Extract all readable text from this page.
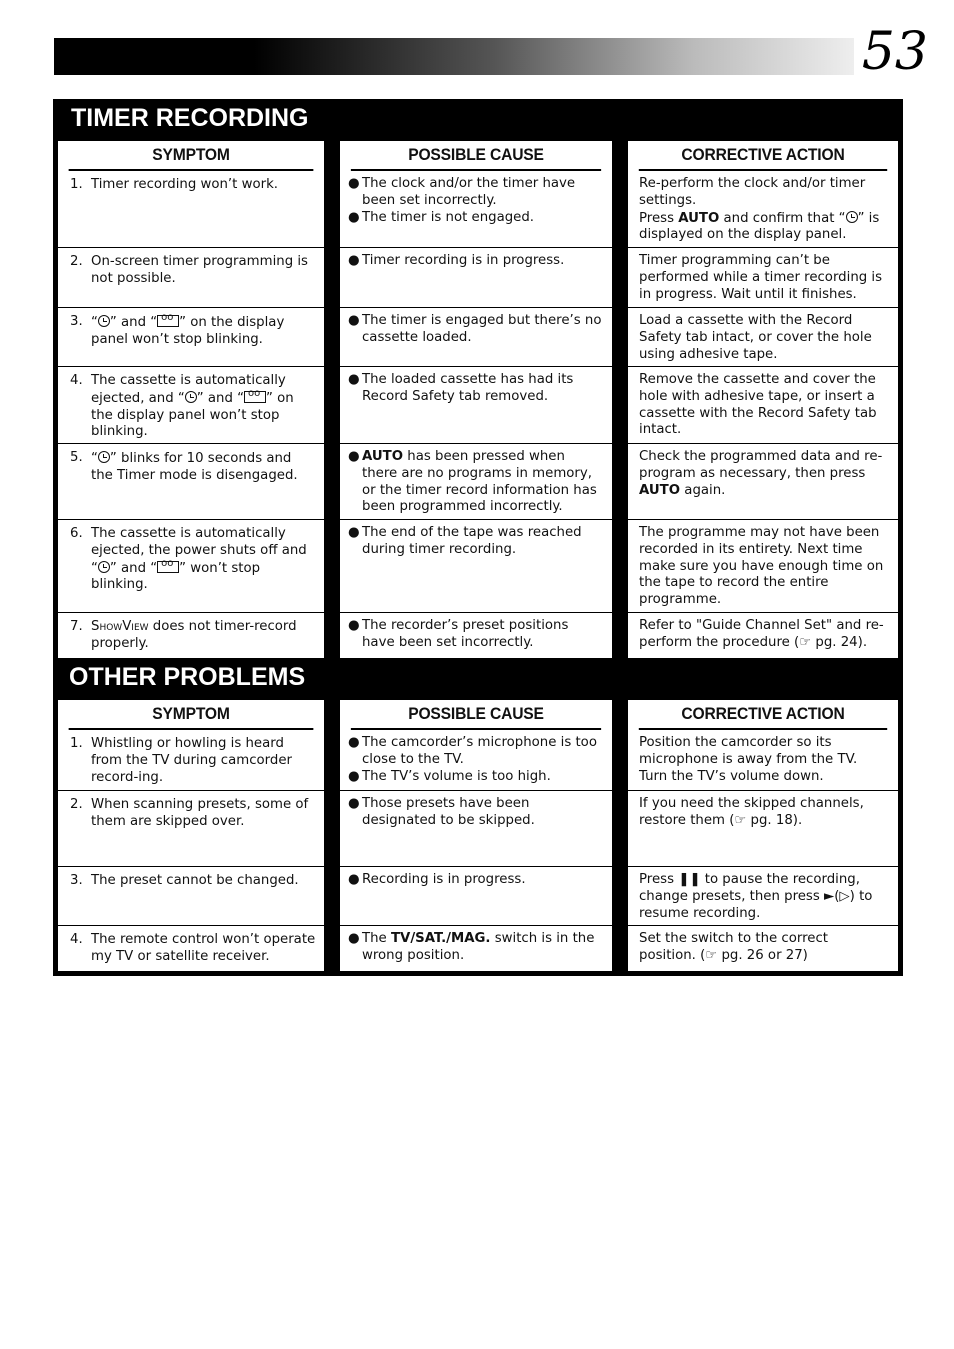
53
TIMER RECORDING
SYMPTOM
1. Timer recording won’t work.
2. On-screen timer programming is not possible.
3. “ ” and “ oo ” on the display panel won’t stop blinking.
4. The cassette is automatically ejected, and “ ” and “ oo ” on the display panel won’t stop blinking.
5. “ ” blinks for 10 seconds and the Timer mode is disengaged.
6. The cassette is automatically ejected, the power shuts off and “ ” and “ oo ” won’t stop blinking.
7. ShowView does not timer-record properly.
POSSIBLE CAUSE

● The clock and/or the timer have been set incorrectly.

● The timer is not engaged.

● Timer recording is in progress.

● The timer is engaged but there’s no cassette loaded.

● The loaded cassette has had its Record Safety tab removed.

● AUTO has been pressed when there are no programs in memory, or the timer record information has been programmed incorrectly.

● The end of the tape was reached during timer recording.

● The recorder’s preset positions have been set incorrectly.

CORRECTIVE ACTION
Re-perform the clock and/or timer settings.
Press AUTO and confirm that “ ” is displayed on the display panel.
Timer programming can’t be performed while a timer recording is in progress. Wait until it finishes.
Load a cassette with the Record Safety tab intact, or cover the hole using adhesive tape.
Remove the cassette and cover the hole with adhesive tape, or insert a cassette with the Record Safety tab intact.
Check the programmed data and re-program as necessary, then press AUTO again.
The programme may not have been recorded in its entirety. Next time make sure you have enough time on the tape to record the entire programme.
Refer to "Guide Channel Set" and re-perform the procedure (☞ pg. 24).
OTHER PROBLEMS
SYMPTOM
1. Whistling or howling is heard from the TV during camcorder record-ing.
2. When scanning presets, some of them are skipped over.
3. The preset cannot be changed.
4. The remote control won’t operate my TV or satellite receiver.
POSSIBLE CAUSE

● The camcorder’s microphone is too close to the TV.

● The TV’s volume is too high.

● Those presets have been designated to be skipped.

● Recording is in progress.

● The TV/SAT./MAG. switch is in the wrong position.

CORRECTIVE ACTION
Position the camcorder so its microphone is away from the TV. Turn the TV’s volume down.
If you need the skipped channels, restore them (☞ pg. 18).
Press ❚❚ to pause the recording, change presets, then press ►(▷) to resume recording.
Set the switch to the correct position. (☞ pg. 26 or 27)
